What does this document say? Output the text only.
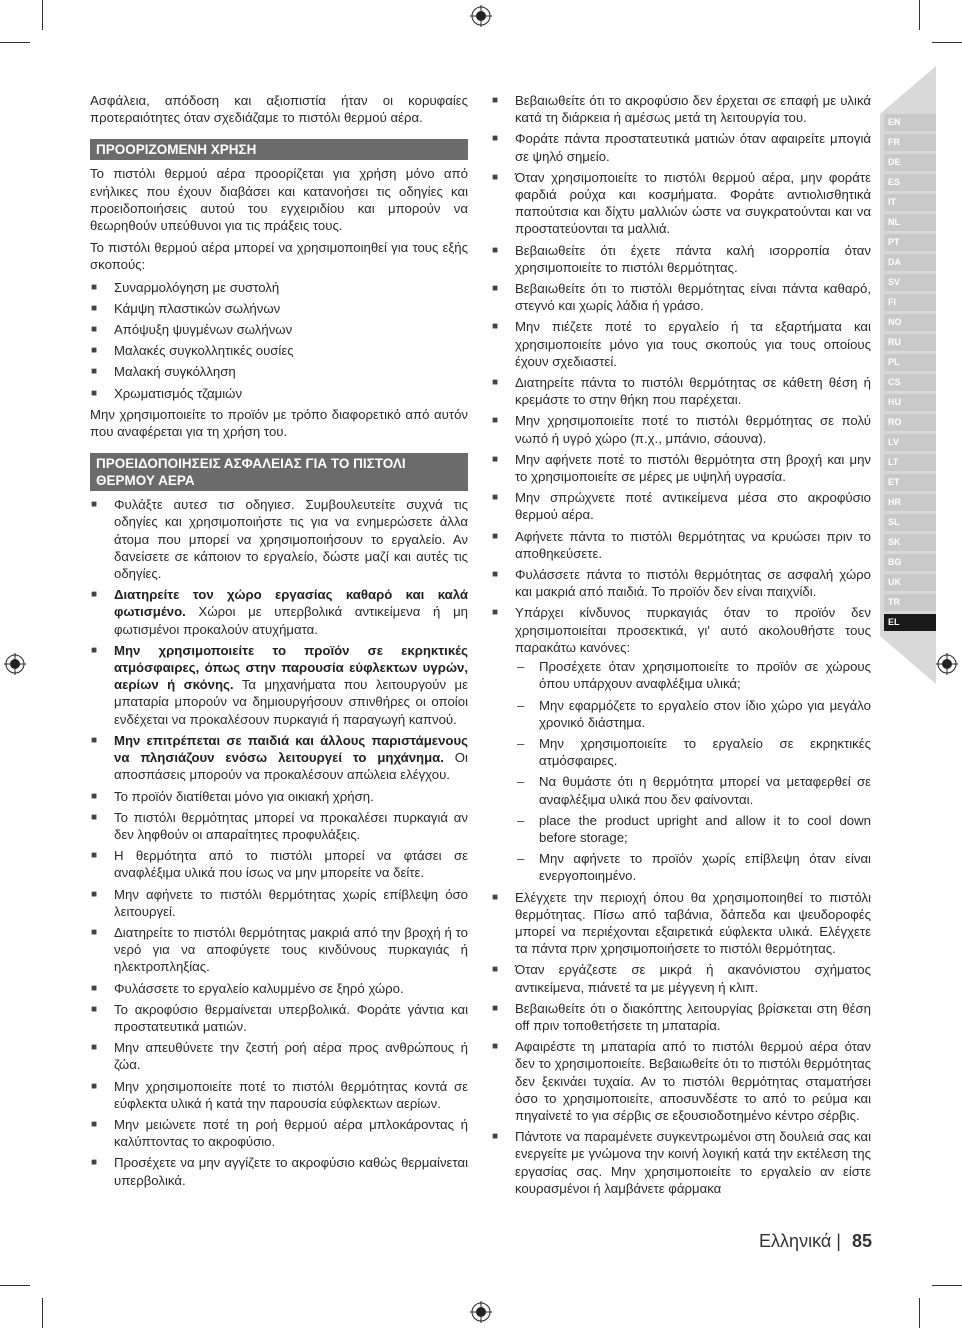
Ασφάλεια, απόδοση και αξιοπιστία ήταν οι κορυφαίες προτεραιότητες όταν σχεδιάζαμε το πιστόλι θερμού αέρα.

ΠΡΟΟΡΙΖΟΜΕΝΗ ΧΡΗΣΗ

Το πιστόλι θερμού αέρα προορίζεται για χρήση μόνο από ενήλικες που έχουν διαβάσει και κατανοήσει τις οδηγίες και προειδοποιήσεις αυτού του εγχειριδίου και μπορούν να θεωρηθούν υπεύθυνοι για τις πράξεις τους.

Το πιστόλι θερμού αέρα μπορεί να χρησιμοποιηθεί για τους εξής σκοπούς:

■ Συναρμολόγηση με συστολή
■ Κάμψη πλαστικών σωλήνων
■ Απόψυξη ψυγμένων σωλήνων
■ Μαλακές συγκολλητικές ουσίες
■ Μαλακή συγκόλληση
■ Χρωματισμός τζαμιών

Μην χρησιμοποιείτε το προϊόν με τρόπο διαφορετικό από αυτόν που αναφέρεται για τη χρήση του.

ΠΡΟΕΙΔΟΠΟΙΗΣΕΙΣ ΑΣΦΑΛΕΙΑΣ ΓΙΑ ΤΟ ΠΙΣΤΟΛΙ ΘΕΡΜΟΥ ΑΕΡΑ
■ Φυλάξτε αυτεσ τισ οδηγιεσ. Συμβουλευτείτε συχνά τις οδηγίες και χρησιμοποιήστε τις για να ενημερώσετε άλλα άτομα που μπορεί να χρησιμοποιήσουν το εργαλείο. Αν δανείσετε σε κάποιον το εργαλείο, δώστε μαζί και αυτές τις οδηγίες.
■ Διατηρείτε τον χώρο εργασίας καθαρό και καλά φωτισμένο. Χώροι με υπερβολικά αντικείμενα ή μη φωτισμένοι προκαλούν ατυχήματα.
■ Μην χρησιμοποιείτε το προϊόν σε εκρηκτικές ατμόσφαιρες, όπως στην παρουσία εύφλεκτων υγρών, αερίων ή σκόνης. Τα μηχανήματα που λειτουργούν με μπαταρία μπορούν να δημιουργήσουν σπινθήρες οι οποίοι ενδέχεται να προκαλέσουν πυρκαγιά ή παραγωγή καπνού.
■ Μην επιτρέπεται σε παιδιά και άλλους παριστάμενους να πλησιάζουν ενόσω λειτουργεί το μηχάνημα. Οι αποσπάσεις μπορούν να προκαλέσουν απώλεια ελέγχου.
■ Το προϊόν διατίθεται μόνο για οικιακή χρήση.
■ Το πιστόλι θερμότητας μπορεί να προκαλέσει πυρκαγιά αν δεν ληφθούν οι απαραίτητες προφυλάξεις.
■ Η θερμότητα από το πιστόλι μπορεί να φτάσει σε αναφλέξιμα υλικά που ίσως να μην μπορείτε να δείτε.
■ Μην αφήνετε το πιστόλι θερμότητας χωρίς επίβλεψη όσο λειτουργεί.
■ Διατηρείτε το πιστόλι θερμότητας μακριά από την βροχή ή το νερό για να αποφύγετε τους κινδύνους πυρκαγιάς ή ηλεκτροπληξίας.
■ Φυλάσσετε το εργαλείο καλυμμένο σε ξηρό χώρο.
■ Το ακροφύσιο θερμαίνεται υπερβολικά. Φοράτε γάντια και προστατευτικά ματιών.
■ Μην απευθύνετε την ζεστή ροή αέρα προς ανθρώπους ή ζώα.
■ Μην χρησιμοποιείτε ποτέ το πιστόλι θερμότητας κοντά σε εύφλεκτα υλικά ή κατά την παρουσία εύφλεκτων αερίων.
■ Μην μειώνετε ποτέ τη ροή θερμού αέρα μπλοκάροντας ή καλύπτοντας το ακροφύσιο.
■ Προσέχετε να μην αγγίζετε το ακροφύσιο καθώς θερμαίνεται υπερβολικά.
■ Βεβαιωθείτε ότι το ακροφύσιο δεν έρχεται σε επαφή με υλικά κατά τη διάρκεια ή αμέσως μετά τη λειτουργία του.
■ Φοράτε πάντα προστατευτικά ματιών όταν αφαιρείτε μπογιά σε ψηλό σημείο.
■ Όταν χρησιμοποιείτε το πιστόλι θερμού αέρα, μην φοράτε φαρδιά ρούχα και κοσμήματα. Φοράτε αντιολισθητικά παπούτσια και δίχτυ μαλλιών ώστε να συγκρατούνται και να προστατεύονται τα μαλλιά.
■ Βεβαιωθείτε ότι έχετε πάντα καλή ισορροπία όταν χρησιμοποιείτε το πιστόλι θερμότητας.
■ Βεβαιωθείτε ότι το πιστόλι θερμότητας είναι πάντα καθαρό, στεγνό και χωρίς λάδια ή γράσο.
■ Μην πιέζετε ποτέ το εργαλείο ή τα εξαρτήματα και χρησιμοποιείτε μόνο για τους σκοπούς για τους οποίους έχουν σχεδιαστεί.
■ Διατηρείτε πάντα το πιστόλι θερμότητας σε κάθετη θέση ή κρεμάστε το στην θήκη που παρέχεται.
■ Μην χρησιμοποιείτε ποτέ το πιστόλι θερμότητας σε πολύ νωπό ή υγρό χώρο (π.χ., μπάνιο, σάουνα).
■ Μην αφήνετε ποτέ το πιστόλι θερμότητα στη βροχή και μην το χρησιμοποιείτε σε μέρες με υψηλή υγρασία.
■ Μην σπρώχνετε ποτέ αντικείμενα μέσα στο ακροφύσιο θερμού αέρα.
■ Αφήνετε πάντα το πιστόλι θερμότητας να κρυώσει πριν το αποθηκεύσετε.
■ Φυλάσσετε πάντα το πιστόλι θερμότητας σε ασφαλή χώρο και μακριά από παιδιά. Το προϊόν δεν είναι παιχνίδι.
■ Υπάρχει κίνδυνος πυρκαγιάς όταν το προϊόν δεν χρησιμοποιείται προσεκτικά, γι' αυτό ακολουθήστε τους παρακάτω κανόνες:
– Προσέχετε όταν χρησιμοποιείτε το προϊόν σε χώρους όπου υπάρχουν αναφλέξιμα υλικά;
– Μην εφαρμόζετε το εργαλείο στον ίδιο χώρο για μεγάλο χρονικό διάστημα.
– Μην χρησιμοποιείτε το εργαλείο σε εκρηκτικές ατμόσφαιρες.
– Να θυμάστε ότι η θερμότητα μπορεί να μεταφερθεί σε αναφλέξιμα υλικά που δεν φαίνονται.
– place the product upright and allow it to cool down before storage;
– Μην αφήνετε το προϊόν χωρίς επίβλεψη όταν είναι ενεργοποιημένο.
■ Ελέγχετε την περιοχή όπου θα χρησιμοποιηθεί το πιστόλι θερμότητας. Πίσω από ταβάνια, δάπεδα και ψευδοροφές μπορεί να περιέχονται εξαιρετικά εύφλεκτα υλικά. Ελέγχετε τα πάντα πριν χρησιμοποιήσετε το πιστόλι θερμότητας.
■ Όταν εργάζεστε σε μικρά ή ακανόνιστου σχήματος αντικείμενα, πιάνετέ τα με μέγγενη ή κλιπ.
■ Βεβαιωθείτε ότι ο διακόπτης λειτουργίας βρίσκεται στη θέση off πριν τοποθετήσετε τη μπαταρία.
■ Αφαιρέστε τη μπαταρία από το πιστόλι θερμού αέρα όταν δεν το χρησιμοποιείτε. Βεβαιωθείτε ότι το πιστόλι θερμότητας δεν ξεκινάει τυχαία. Αν το πιστόλι θερμότητας σταματήσει όσο το χρησιμοποιείτε, αποσυνδέστε το από το ρεύμα και πηγαίνετέ το για σέρβις σε εξουσιοδοτημένο κέντρο σέρβις.
■ Πάντοτε να παραμένετε συγκεντρωμένοι στη δουλειά σας και ενεργείτε με γνώμονα την κοινή λογική κατά την εκτέλεση της εργασίας σας. Μην χρησιμοποιείτε το εργαλείο αν είστε κουρασμένοι ή λαμβάνετε φάρμακα
EN
FR
DE
ES
IT
NL
PT
DA
SV
FI
NO
RU
PL
CS
HU
RO
LV
LT
ET
HR
SL
SK
BG
UK
TR
EL
Ελληνικά | 85
